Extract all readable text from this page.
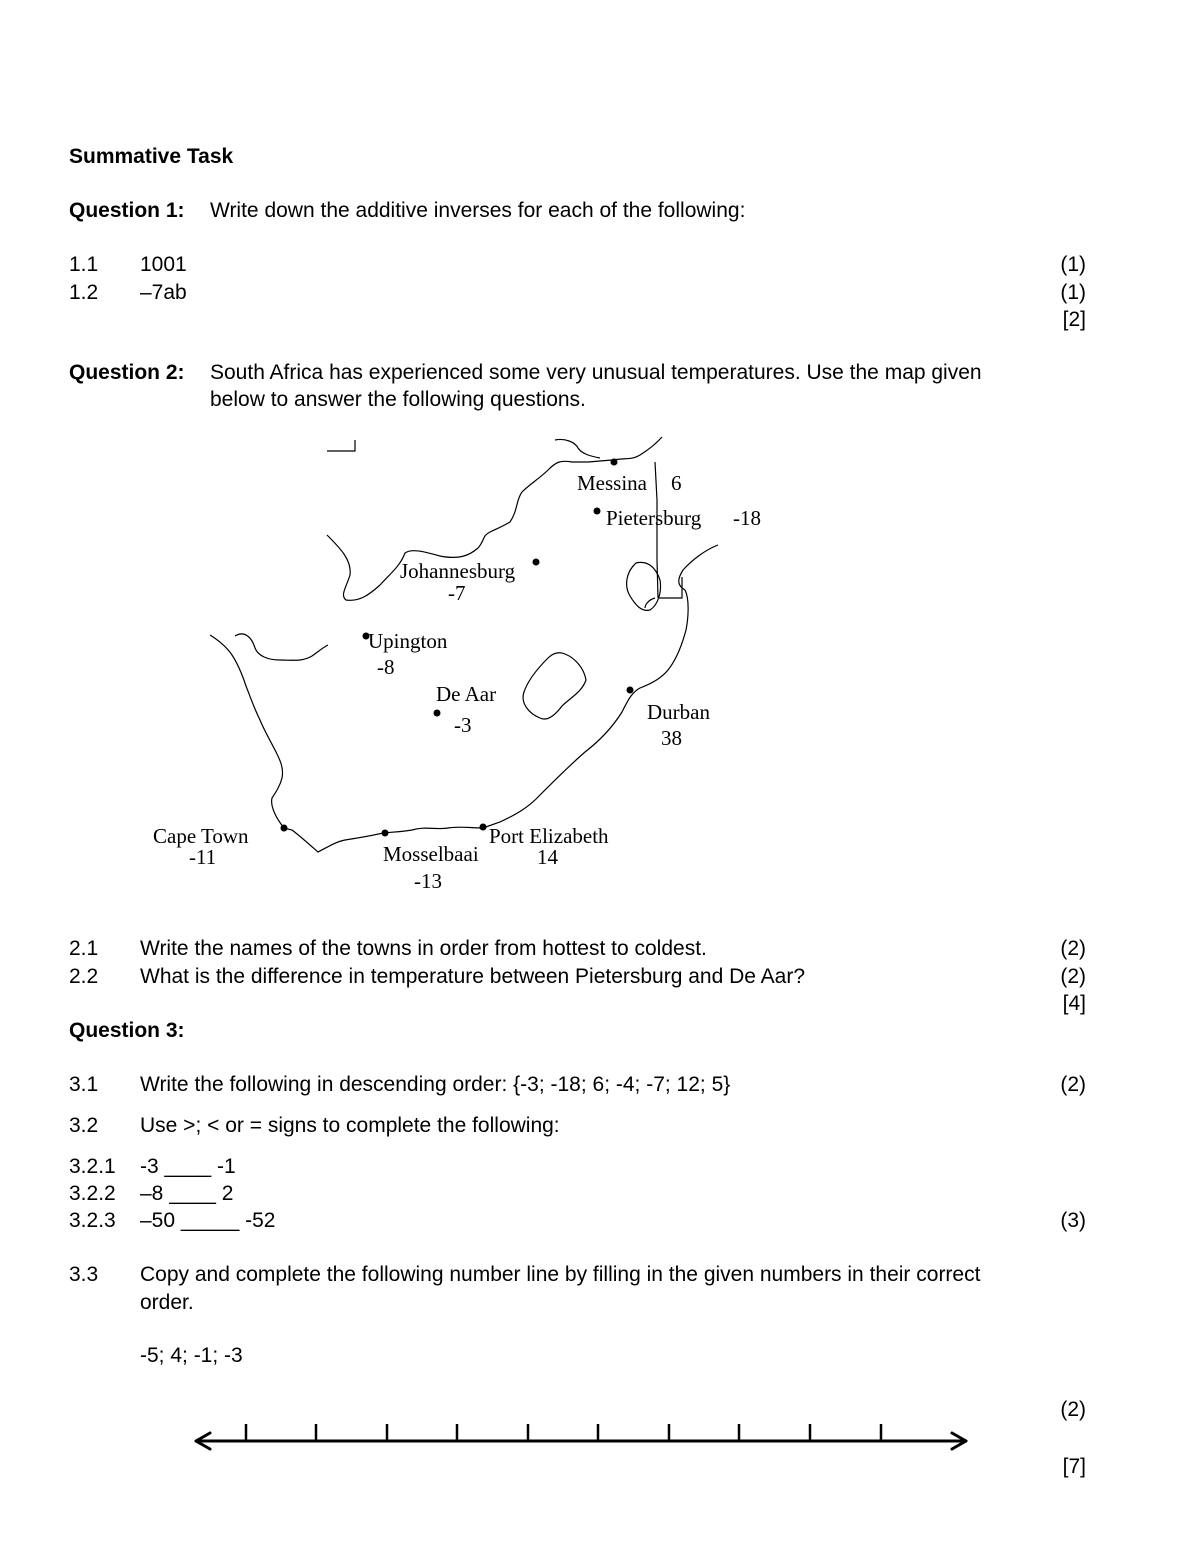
Summative Task
Question 1: Write down the additive inverses for each of the following:
1.1 1001	(1)
1.2 –7ab	(1)
[2]
Question 2: South Africa has experienced some very unusual temperatures. Use the map given
below to answer the following questions.
Messina 6
Pietersburg -18
Johannesburg
-7
Upington
-8
De Aar
-3
Durban
38
Cape Town
-11	Mosselbaai
-13
Port Elizabeth
14
2.1 Write the names of the towns in order from hottest to coldest.	(2)
2.2 What is the difference in temperature between Pietersburg and De Aar?	(2)
[4]
Question 3:
3.1 Write the following in descending order: {-3; -18; 6; -4; -7; 12; 5}	(2)
3.2 Use >; < or = signs to complete the following:
3.2.1 -3 ____ -1
3.2.2 –8 ____ 2
3.2.3 –50 _____ -52	(3)
3.3 Copy and complete the following number line by filling in the given numbers in their correct
order.
-5; 4; -1; -3
(2)
[7]
